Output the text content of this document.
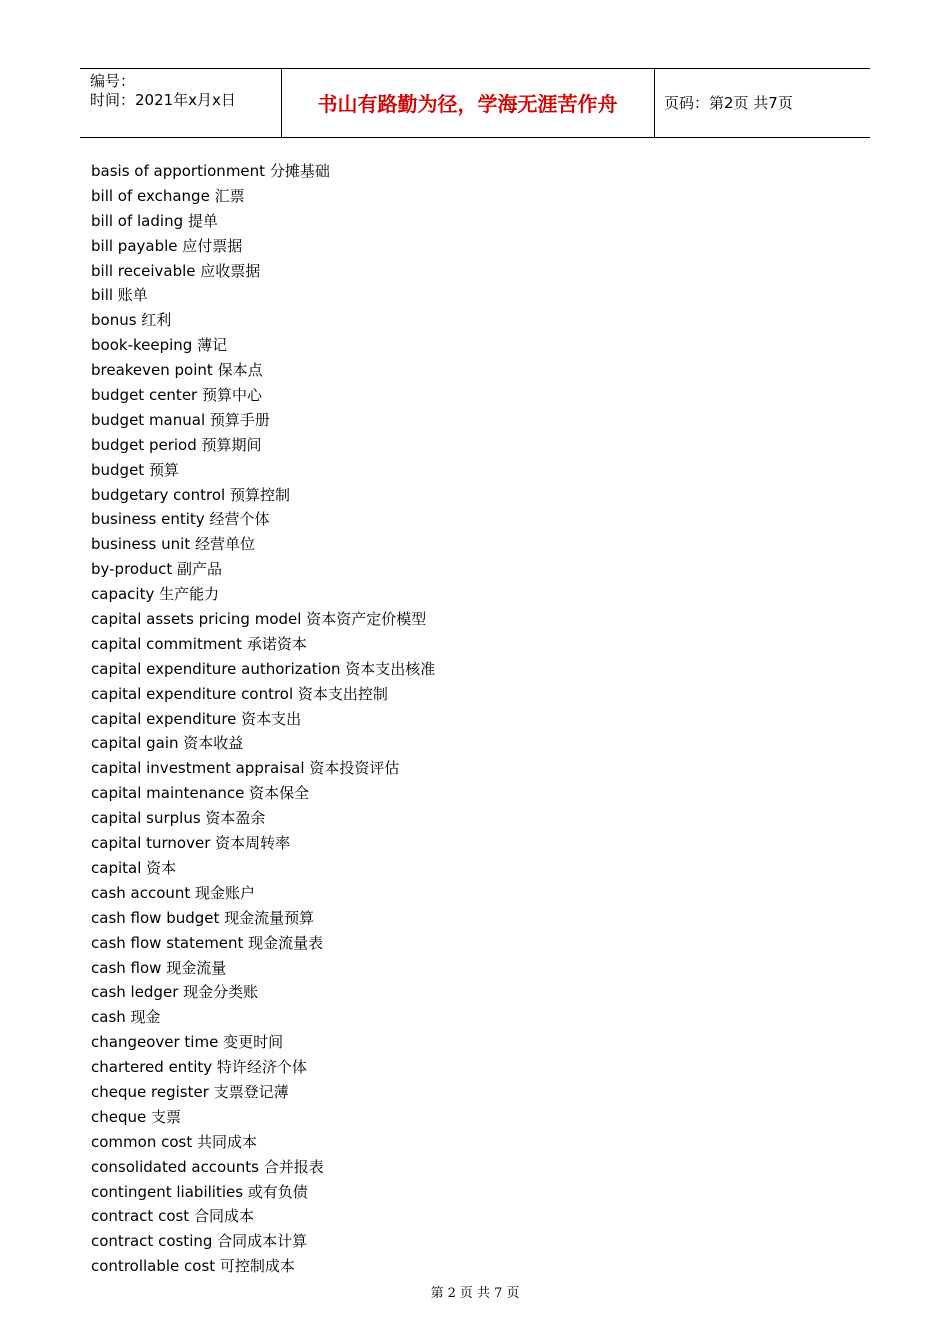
编号：
时间：2021年x月x日	书山有路勤为径，学海无涯苦作舟	页码：第2页 共7页
basis of apportionment 分摊基础
bill of exchange 汇票
bill of lading 提单
bill payable 应付票据
bill receivable 应收票据
bill 账单
bonus 红利
book-keeping 薄记
breakeven point 保本点
budget center 预算中心
budget manual 预算手册
budget period 预算期间
budget 预算
budgetary control 预算控制
business entity 经营个体
business unit 经营单位
by-product 副产品
capacity 生产能力
capital assets pricing model 资本资产定价模型
capital commitment 承诺资本
capital expenditure authorization 资本支出核准
capital expenditure control 资本支出控制
capital expenditure 资本支出
capital gain 资本收益
capital investment appraisal 资本投资评估
capital maintenance 资本保全
capital surplus 资本盈余
capital turnover 资本周转率
capital 资本
cash account 现金账户
cash flow budget 现金流量预算
cash flow statement 现金流量表
cash flow 现金流量
cash ledger 现金分类账
cash 现金
changeover time 变更时间
chartered entity 特许经济个体
cheque register 支票登记薄
cheque 支票
common cost 共同成本
consolidated accounts 合并报表
contingent liabilities 或有负债
contract cost 合同成本
contract costing 合同成本计算
controllable cost 可控制成本
第 2 页 共 7 页
